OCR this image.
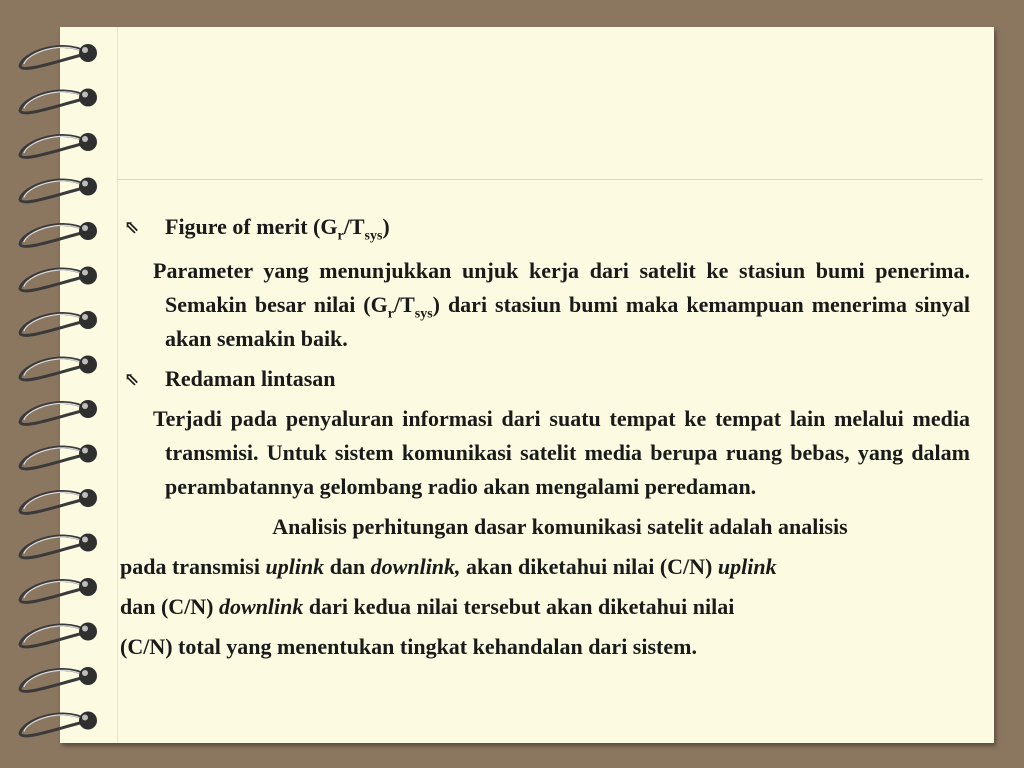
⇖ Figure of merit $(G_r/T_{sys})$
Parameter yang menunjukkan unjuk kerja dari satelit ke stasiun bumi penerima. Semakin besar nilai $(G_r/T_{sys})$ dari stasiun bumi maka kemampuan menerima sinyal akan semakin baik.
⇖ Redaman lintasan
Terjadi pada penyaluran informasi dari suatu tempat ke tempat lain melalui media transmisi. Untuk sistem komunikasi satelit media berupa ruang bebas, yang dalam perambatannya gelombang radio akan mengalami peredaman.
Analisis perhitungan dasar komunikasi satelit adalah analisis
pada transmisi uplink dan downlink, akan diketahui nilai (C/N) uplink
dan (C/N) downlink dari kedua nilai tersebut akan diketahui nilai
(C/N) total yang menentukan tingkat kehandalan dari sistem.
